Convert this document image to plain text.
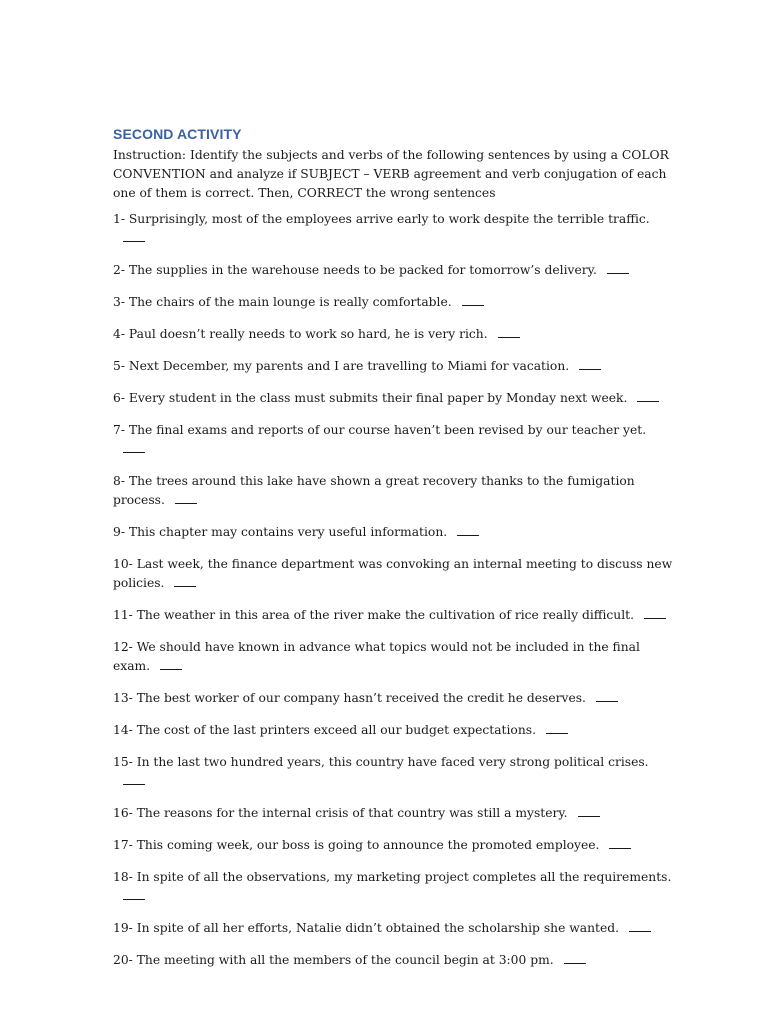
SECOND ACTIVITY

Instruction: Identify the subjects and verbs of the following sentences by using a COLOR CONVENTION and analyze if SUBJECT – VERB agreement and verb conjugation of each one of them is correct. Then, CORRECT the wrong sentences

1- Surprisingly, most of the employees arrive early to work despite the terrible traffic.
2- The supplies in the warehouse needs to be packed for tomorrow’s delivery.
3- The chairs of the main lounge is really comfortable.
4- Paul doesn’t really needs to work so hard, he is very rich.
5- Next December, my parents and I are travelling to Miami for vacation.
6- Every student in the class must submits their final paper by Monday next week.
7- The final exams and reports of our course haven’t been revised by our teacher yet.
8- The trees around this lake have shown a great recovery thanks to the fumigation process.
9- This chapter may contains very useful information.
10- Last week, the finance department was convoking an internal meeting to discuss new policies.
11- The weather in this area of the river make the cultivation of rice really difficult.
12- We should have known in advance what topics would not be included in the final exam.
13- The best worker of our company hasn’t received the credit he deserves.
14- The cost of the last printers exceed all our budget expectations.
15- In the last two hundred years, this country have faced very strong political crises.
16- The reasons for the internal crisis of that country was still a mystery.
17- This coming week, our boss is going to announce the promoted employee.
18- In spite of all the observations, my marketing project completes all the requirements.
19- In spite of all her efforts, Natalie didn’t obtained the scholarship she wanted.
20- The meeting with all the members of the council begin at 3:00 pm.
